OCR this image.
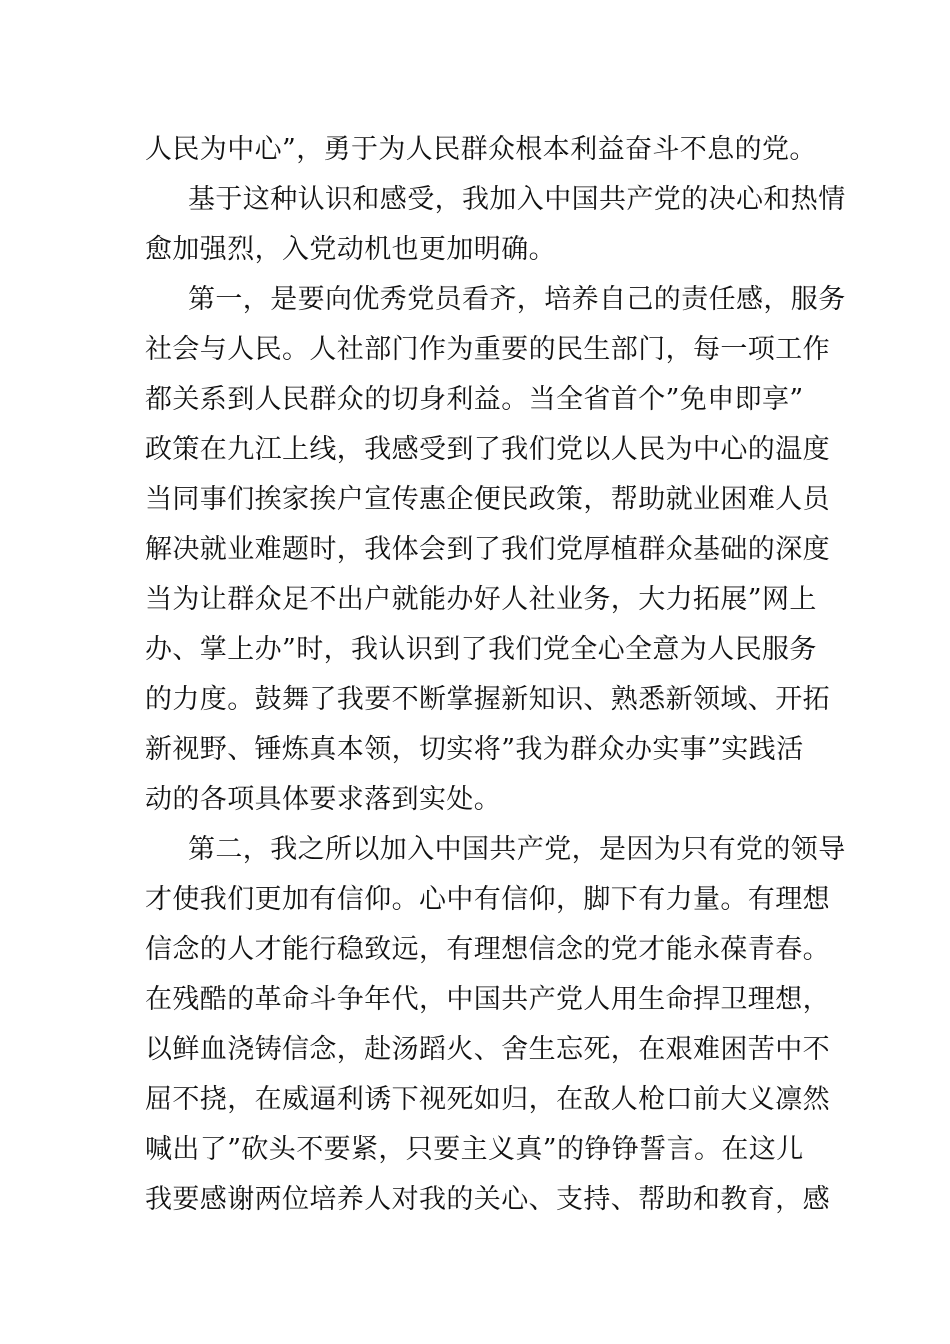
人民为中心”，勇于为人民群众根本利益奋斗不息的党。
基于这种认识和感受，我加入中国共产党的决心和热情
愈加强烈，入党动机也更加明确。
第一，是要向优秀党员看齐，培养自己的责任感，服务
社会与人民。人社部门作为重要的民生部门，每一项工作
都关系到人民群众的切身利益。当全省首个”免申即享”
政策在九江上线，我感受到了我们党以人民为中心的温度
当同事们挨家挨户宣传惠企便民政策，帮助就业困难人员
解决就业难题时，我体会到了我们党厚植群众基础的深度
当为让群众足不出户就能办好人社业务，大力拓展”网上
办、掌上办”时，我认识到了我们党全心全意为人民服务
的力度。鼓舞了我要不断掌握新知识、熟悉新领域、开拓
新视野、锤炼真本领，切实将”我为群众办实事”实践活
动的各项具体要求落到实处。
第二，我之所以加入中国共产党，是因为只有党的领导
才使我们更加有信仰。心中有信仰，脚下有力量。有理想
信念的人才能行稳致远，有理想信念的党才能永葆青春。
在残酷的革命斗争年代，中国共产党人用生命捍卫理想，
以鲜血浇铸信念，赴汤蹈火、舍生忘死，在艰难困苦中不
屈不挠，在威逼利诱下视死如归，在敌人枪口前大义凛然
喊出了”砍头不要紧，只要主义真”的铮铮誓言。在这儿
我要感谢两位培养人对我的关心、支持、帮助和教育，感
